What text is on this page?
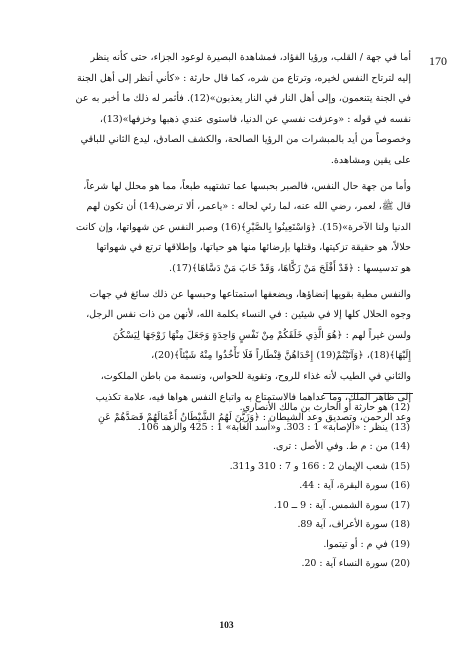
170

أما في جهة / القلب، ورؤيا الفؤاد، فمشاهدة البصيرة لوعود الجزاء، حتى كأنه ينظر

إليه لترتاح النفس لخيره، وترتاع من شره، كما قال حارثة : «كأني أنظر إلى أهل الجنة

في الجنة يتنعمون، وإلى أهل النار في النار يعذبون»(12). فأثمر له ذلك ما أخبر به عن

نفسه في قوله : «وعزفت نفسي عن الدنيا، فاستوى عندي ذهبها وخزفها»(13)،

وخصوصاً من أيد بالمبشرات من الرؤيا الصالحة، والكشف الصادق، ليدع الثاني للباقي

على يقين ومشاهدة.

وأما من جهة حال النفس، فالصبر بحبسها عما تشتهيه طبعاً، مما هو محلل لها شرعاً،

قال ﷺ، لعمر، رضي الله عنه، لما رئي لحاله : «ياعمر، ألا ترضى(14) أن تكون لهم

الدنيا ولنا الآخرة»(15). ﴿وَاسْتَعِينُوا بِالصَّبْرِ﴾(16) وصبر النفس عن شهواتها، وإن كانت

حلالاً، هو حقيقة تزكيتها، وقتلها بإرضائها منها هو حياتها، وإطلاقها ترتع في شهواتها

هو تدسيسها : ﴿قَدْ أَفْلَحَ مَنْ زَكَّاهَا، وَقَدْ خَابَ مَنْ دَسَّاهَا﴾(17).

والنفس مطية بقويها إنضاؤها، ويضعفها استمتاعها وحبسها عن ذلك سائغ في جهات

وجوه الحلال كلها إلا في شيئين : في النساء بكلمة الله، لأنهن من ذات نفس الرجل،

ولسن غيراً لهم : ﴿هُوَ الَّذِي خَلَقَكُمْ مِنْ نَفْسٍ وَاحِدَةٍ وَجَعَلَ مِنْهَا زَوْجَهَا لِيَسْكُنَ

إِلَيْهَا﴾(18)، ﴿وَآتَيْتُمْ(19) إِحْدَاهُنَّ قِنْطَاراً فَلَا تَأْخُذُوا مِنْهُ شَيْئاً﴾(20)،

والثاني في الطيب لأنه غذاء للروح، وتقوية للحواس، ونسمة من باطن الملكوت،

إلى ظاهر الملك، وما عداهما فالاستمتاع به واتباع النفس هواها فيه، علامة تكذيب

وعد الرحمن، وتصديق وعد الشيطان : ﴿وَزَيَّنَ لَهُمُ الشَّيْطَانُ أَعْمَالَهُمْ فَصَدَّهُمْ عَنِ

(12) هو حارثة أو الحارث بن مالك الأنصاري.

(13) ينظر : «الإصابة» 1 : 303. و«أسد الغابة» 1 : 425 والزهد 106.

(14) من : م ط. وفي الأصل : ترى.

(15) شعب الإيمان 2 : 166 و 7 : 310 و311.

(16) سورة البقرة، آية : 44.

(17) سورة الشمس. آية : 9 ــ 10.

(18) سورة الأعراف، آية 89.

(19) في م : أو تيتموا.

(20) سورة النساء آية : 20.

103
